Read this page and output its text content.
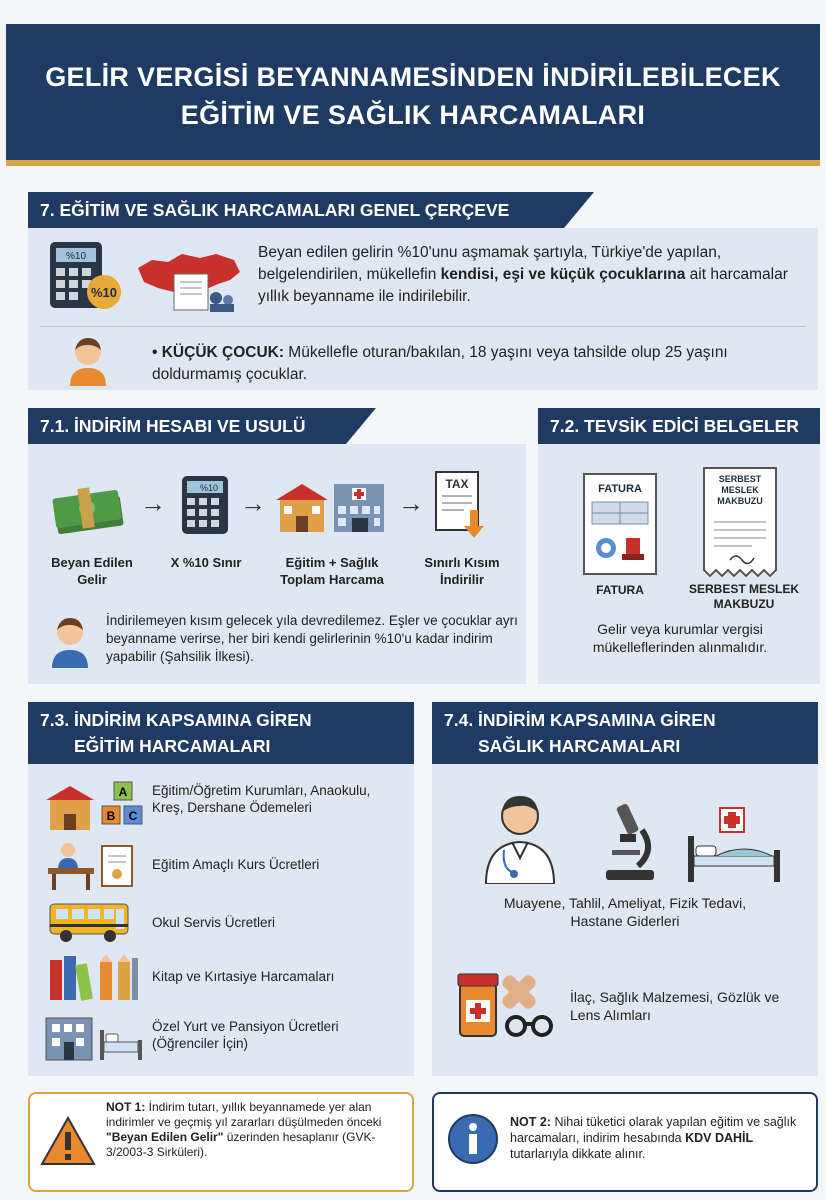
GELİR VERGİSİ BEYANNAMESİNDEN İNDİRİLEBİLECEK
EĞİTİM VE SAĞLIK HARCAMALARI
7. EĞİTİM VE SAĞLIK HARCAMALARI GENEL ÇERÇEVE
%10
%10
Beyan edilen gelirin %10'unu aşmamak şartıyla, Türkiye'de yapılan, belgelendirilen, mükellefin kendisi, eşi ve küçük çocuklarına ait harcamalar yıllık beyanname ile indirilebilir.
• KÜÇÜK ÇOCUK: Mükellefle oturan/bakılan, 18 yaşını veya tahsilde olup 25 yaşını doldurmamış çocuklar.
7.1. İNDİRİM HESABI VE USULÜ
→	%10 →	→
TAX
Beyan Edilen Gelir
X %10 Sınır	Eğitim + Sağlık Toplam Harcama
Sınırlı Kısım İndirilir
İndirilemeyen kısım gelecek yıla devredilemez. Eşler ve çocuklar ayrı beyanname verirse, her biri kendi gelirlerinin %10'u kadar indirim yapabilir (Şahsilik İlkesi).
7.2. TEVSİK EDİCİ BELGELER
FATURA
SERBEST MESLEK MAKBUZU
FATURA	SERBEST MESLEK MAKBUZU
Gelir veya kurumlar vergisi mükelleflerinden alınmalıdır.
7.3. İNDİRİM KAPSAMINA GİREN
EĞİTİM HARCAMALARI
A
B C
Eğitim/Öğretim Kurumları, Anaokulu, Kreş, Dershane Ödemeleri
Eğitim Amaçlı Kurs Ücretleri
Okul Servis Ücretleri
Kitap ve Kırtasiye Harcamaları
Özel Yurt ve Pansiyon Ücretleri (Öğrenciler İçin)
7.4. İNDİRİM KAPSAMINA GİREN
SAĞLIK HARCAMALARI
Muayene, Tahlil, Ameliyat, Fizik Tedavi, Hastane Giderleri
İlaç, Sağlık Malzemesi, Gözlük ve Lens Alımları
NOT 1: İndirim tutarı, yıllık beyannamede yer alan indirimler ve geçmiş yıl zararları düşülmeden önceki "Beyan Edilen Gelir" üzerinden hesaplanır (GVK-3/2003-3 Sirküleri).
NOT 2: Nihai tüketici olarak yapılan eğitim ve sağlık harcamaları, indirim hesabında KDV DAHİL tutarlarıyla dikkate alınır.
